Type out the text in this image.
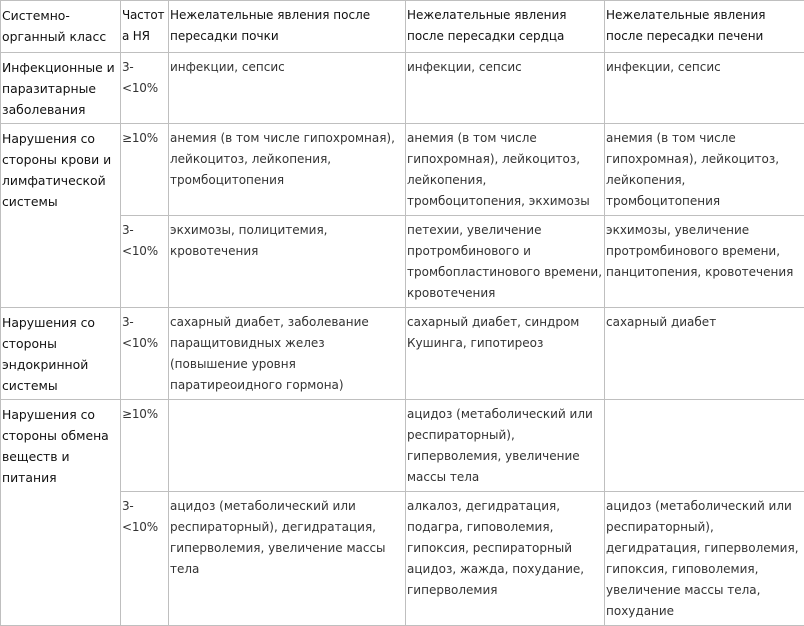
Системно-органный класс	Частота НЯ	Нежелательные явления после пересадки почки	Нежелательные явления после пересадки сердца	Нежелательные явления после пересадки печени
Инфекционные и паразитарные заболевания	3-<10%	инфекции, сепсис	инфекции, сепсис	инфекции, сепсис
Нарушения со стороны крови и лимфатической системы	≥10%	анемия (в том числе гипохромная), лейкоцитоз, лейкопения, тромбоцитопения	анемия (в том числе гипохромная), лейкоцитоз, лейкопения, тромбоцитопения, экхимозы	анемия (в том числе гипохромная), лейкоцитоз, лейкопения, тромбоцитопения
	3-<10%	экхимозы, полицитемия, кровотечения	петехии, увеличение протромбинового и тромбопластинового времени, кровотечения	экхимозы, увеличение протромбинового времени, панцитопения, кровотечения
Нарушения со стороны эндокринной системы	3-<10%	сахарный диабет, заболевание паращитовидных желез (повышение уровня паратиреоидного гормона)	сахарный диабет, синдром Кушинга, гипотиреоз	сахарный диабет
Нарушения со стороны обмена веществ и питания	≥10%		ацидоз (метаболический или респираторный), гиперволемия, увеличение массы тела	
	3-<10%	ацидоз (метаболический или респираторный), дегидратация, гиперволемия, увеличение массы тела	алкалоз, дегидратация, подагра, гиповолемия, гипоксия, респираторный ацидоз, жажда, похудание, гиперволемия	ацидоз (метаболический или респираторный), дегидратация, гиперволемия, гипоксия, гиповолемия, увеличение массы тела, похудание
